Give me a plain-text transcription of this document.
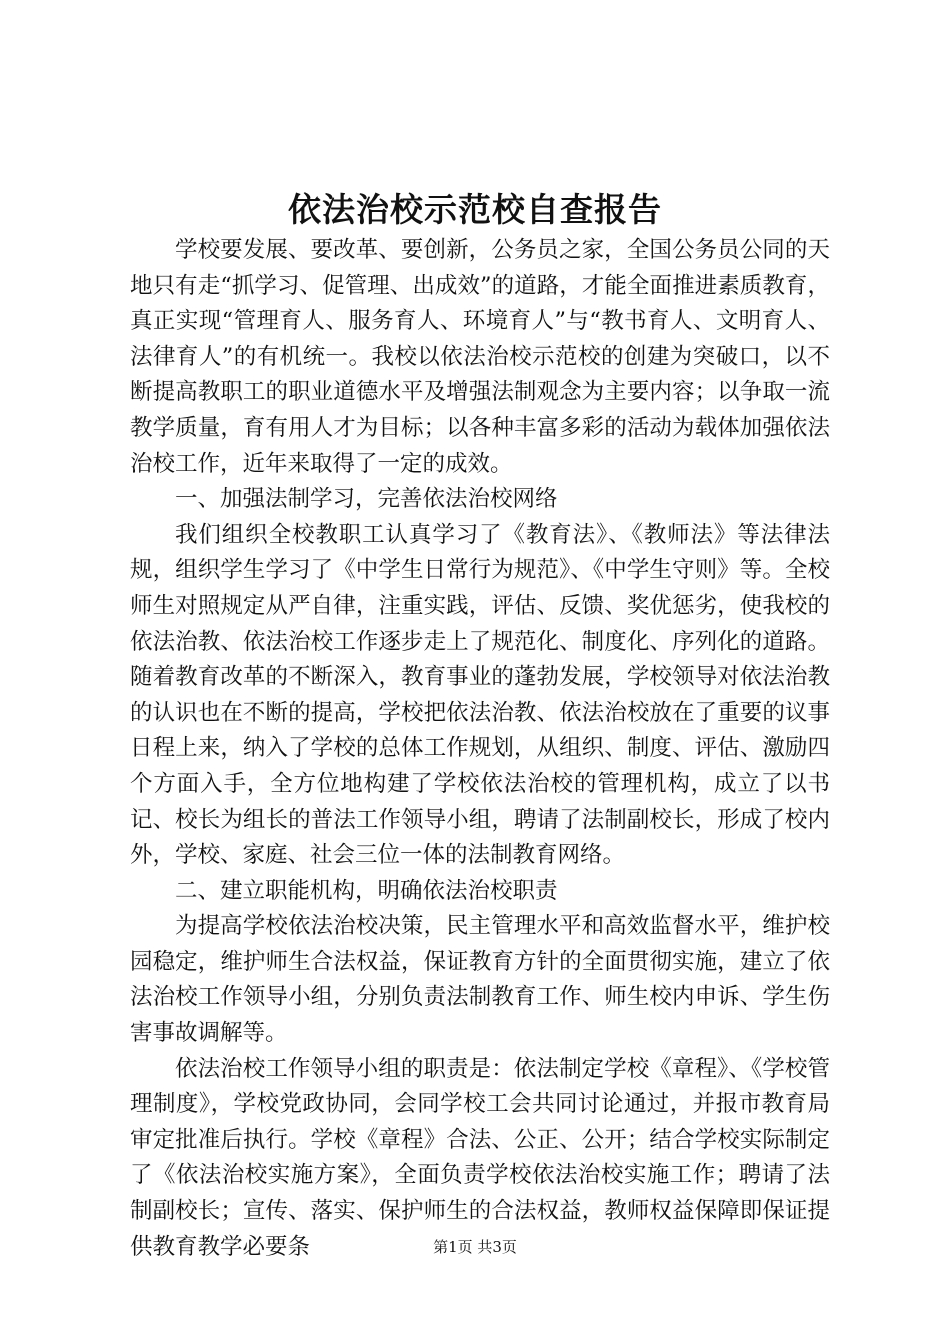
依法治校示范校自查报告

学校要发展、要改革、要创新，公务员之家，全国公务员公同的天地只有走“抓学习、促管理、出成效”的道路，才能全面推进素质教育，真正实现“管理育人、服务育人、环境育人”与“教书育人、文明育人、法律育人”的有机统一。我校以依法治校示范校的创建为突破口，以不断提高教职工的职业道德水平及增强法制观念为主要内容；以争取一流教学质量，育有用人才为目标；以各种丰富多彩的活动为载体加强依法治校工作，近年来取得了一定的成效。

一、加强法制学习，完善依法治校网络

我们组织全校教职工认真学习了《教育法》、《教师法》等法律法规，组织学生学习了《中学生日常行为规范》、《中学生守则》等。全校师生对照规定从严自律，注重实践，评估、反馈、奖优惩劣，使我校的依法治教、依法治校工作逐步走上了规范化、制度化、序列化的道路。随着教育改革的不断深入，教育事业的蓬勃发展，学校领导对依法治教的认识也在不断的提高，学校把依法治教、依法治校放在了重要的议事日程上来，纳入了学校的总体工作规划，从组织、制度、评估、激励四个方面入手，全方位地构建了学校依法治校的管理机构，成立了以书记、校长为组长的普法工作领导小组，聘请了法制副校长，形成了校内外，学校、家庭、社会三位一体的法制教育网络。

二、建立职能机构，明确依法治校职责

为提高学校依法治校决策，民主管理水平和高效监督水平，维护校园稳定，维护师生合法权益，保证教育方针的全面贯彻实施，建立了依法治校工作领导小组，分别负责法制教育工作、师生校内申诉、学生伤害事故调解等。

依法治校工作领导小组的职责是：依法制定学校《章程》、《学校管理制度》，学校党政协同，会同学校工会共同讨论通过，并报市教育局审定批准后执行。学校《章程》合法、公正、公开；结合学校实际制定了《依法治校实施方案》，全面负责学校依法治校实施工作；聘请了法制副校长；宣传、落实、保护师生的合法权益，教师权益保障即保证提供教育教学必要条	第1页 共3页
